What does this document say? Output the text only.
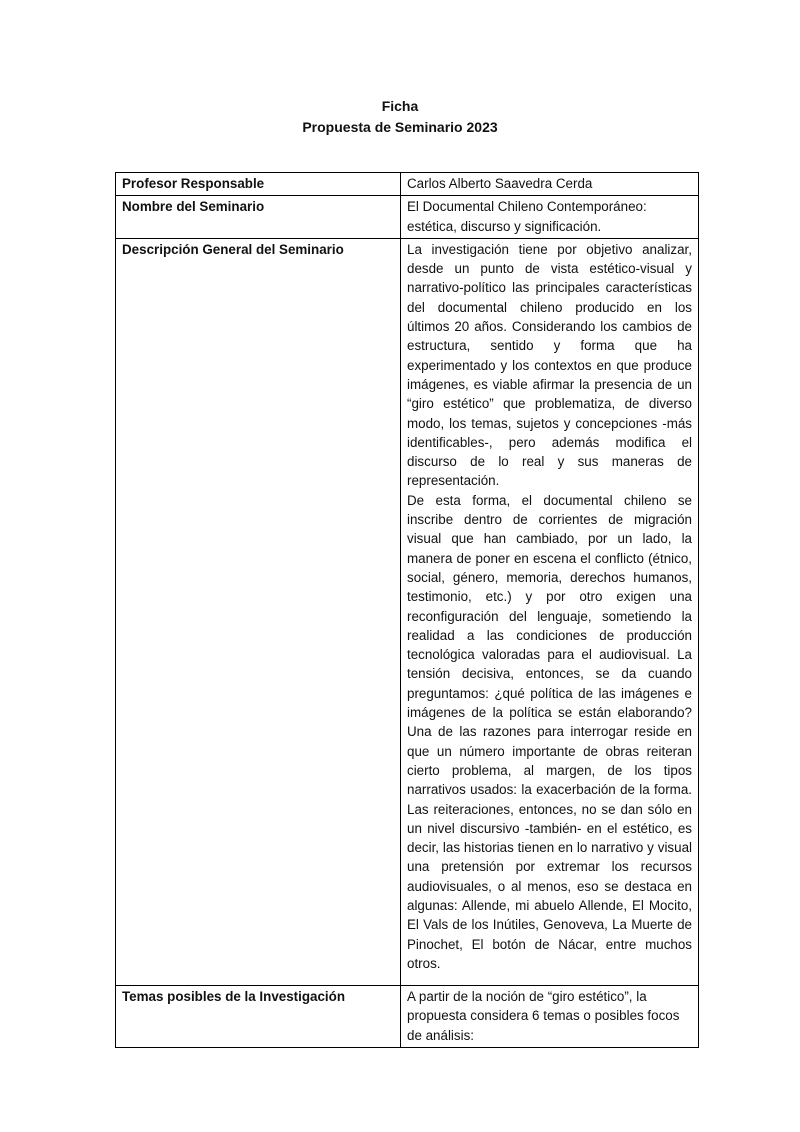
Ficha
Propuesta de Seminario 2023
Profesor Responsable	Carlos Alberto Saavedra Cerda
Nombre del Seminario	El Documental Chileno Contemporáneo: estética, discurso y significación.
Descripción General del Seminario	La investigación tiene por objetivo analizar, desde un punto de vista estético-visual y narrativo-político las principales características del documental chileno producido en los últimos 20 años. Considerando los cambios de estructura, sentido y forma que ha experimentado y los contextos en que produce imágenes, es viable afirmar la presencia de un “giro estético” que problematiza, de diverso modo, los temas, sujetos y concepciones -más identificables-, pero además modifica el discurso de lo real y sus maneras de representación.

De esta forma, el documental chileno se inscribe dentro de corrientes de migración visual que han cambiado, por un lado, la manera de poner en escena el conflicto (étnico, social, género, memoria, derechos humanos, testimonio, etc.) y por otro exigen una reconfiguración del lenguaje, sometiendo la realidad a las condiciones de producción tecnológica valoradas para el audiovisual. La tensión decisiva, entonces, se da cuando preguntamos: ¿qué política de las imágenes e imágenes de la política se están elaborando? Una de las razones para interrogar reside en que un número importante de obras reiteran cierto problema, al margen, de los tipos narrativos usados: la exacerbación de la forma. Las reiteraciones, entonces, no se dan sólo en un nivel discursivo -también- en el estético, es decir, las historias tienen en lo narrativo y visual una pretensión por extremar los recursos audiovisuales, o al menos, eso se destaca en algunas: Allende, mi abuelo Allende, El Mocito, El Vals de los Inútiles, Genoveva, La Muerte de Pinochet, El botón de Nácar, entre muchos otros.

Temas posibles de la Investigación	A partir de la noción de “giro estético”, la propuesta considera 6 temas o posibles focos de análisis:
